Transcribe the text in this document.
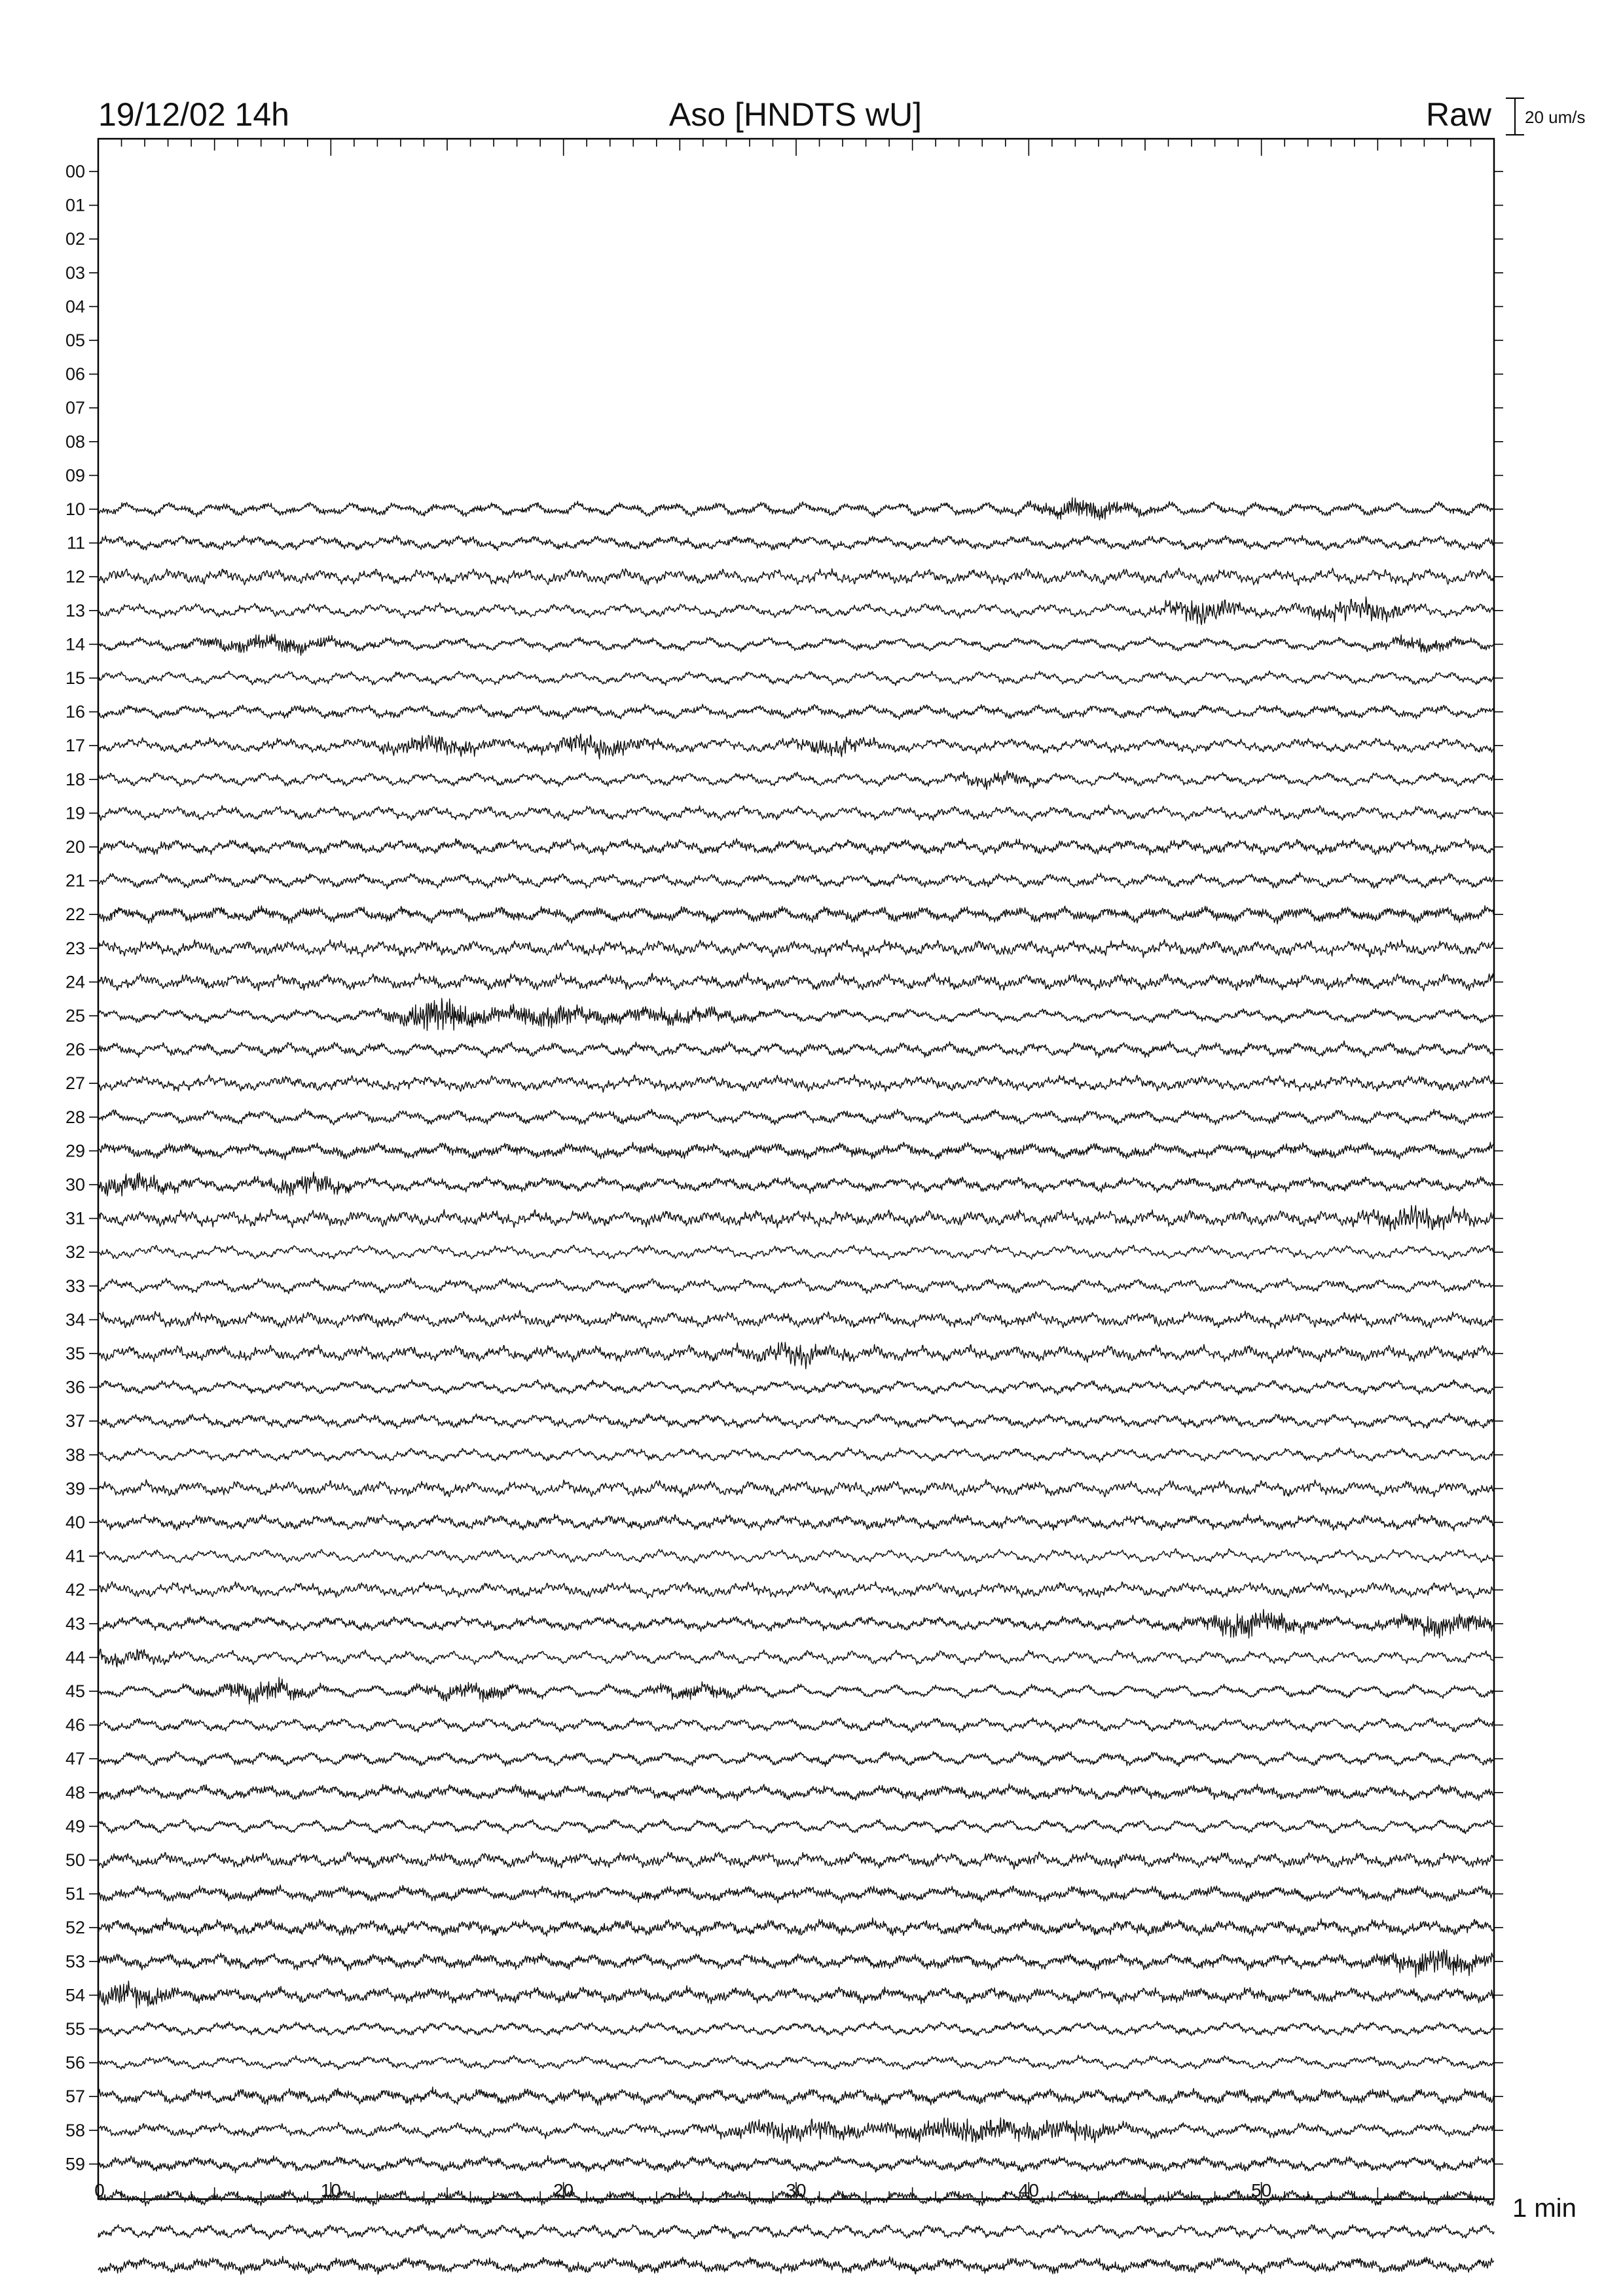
00
01
02
03
04
05
06
07
08
09
10
11
12
13
14
15
16
17
18
19
20
21
22
23
24
25
26
27
28
29
30
31
32
33
34
35
36
37
38
39
40
41
42
43
44
45
46
47
48
49
50
51
52
53
54
55
56
57
58
59
0	10	20	30	40	50
19/12/02 14h	Aso [HNDTS wU]	Raw 20 um/s
1 min
